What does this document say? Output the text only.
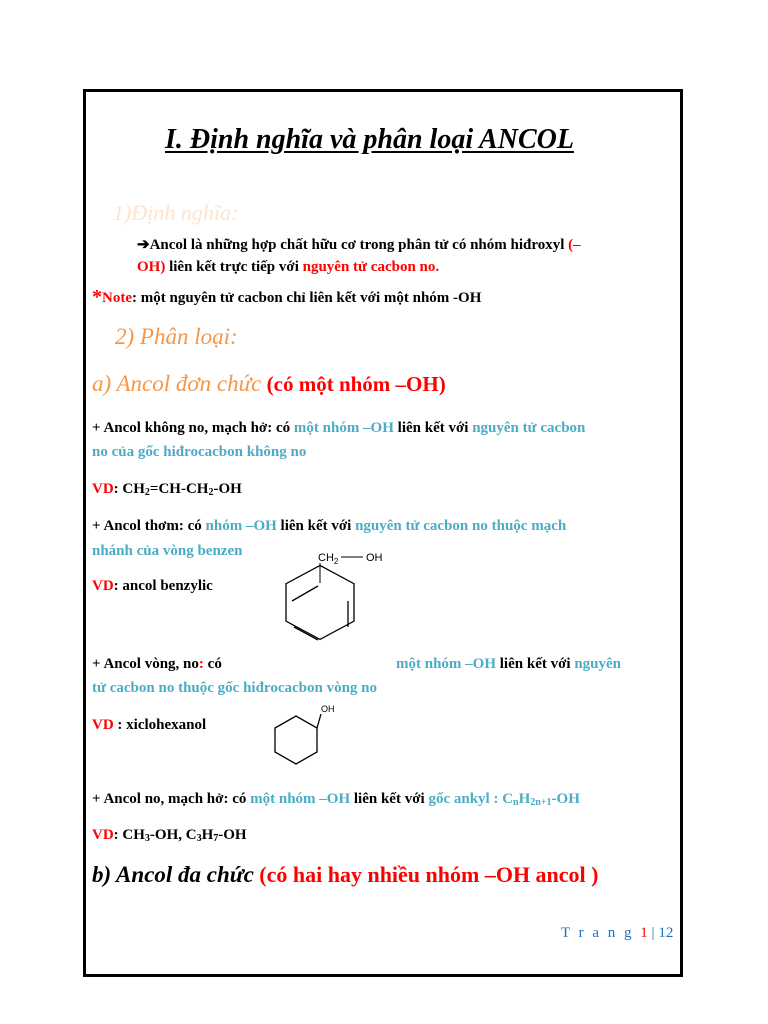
I. Định nghĩa và phân loại ANCOL
1)Định nghĩa:
➔Ancol là những hợp chất hữu cơ trong phân tử có nhóm hiđroxyl (–
OH) liên kết trực tiếp với nguyên tử cacbon no.
*Note: một nguyên tử cacbon chỉ liên kết với một nhóm -OH
2) Phân loại:
a) Ancol đơn chức (có một nhóm –OH)
+ Ancol không no, mạch hở: có một nhóm –OH liên kết với nguyên tử cacbon
no của gốc hiđrocacbon không no
VD: $CH_2=CH-CH_2-OH$
+ Ancol thơm: có nhóm –OH liên kết với nguyên tử cacbon no thuộc mạch
nhánh của vòng benzen
VD: ancol benzylic
$CH_2$	OH
+ Ancol vòng, no: có	một nhóm –OH liên kết với nguyên
tử cacbon no thuộc gốc hiđrocacbon vòng no
VD : xiclohexanol
OH
+ Ancol no, mạch hở: có một nhóm –OH liên kết với gốc ankyl : $C_nH_{2n+1}-OH$
VD: $CH_3-OH$, $C_3H_7-OH$
b) Ancol đa chức (có hai hay nhiều nhóm –OH ancol )
T r a n g 1 | 12
